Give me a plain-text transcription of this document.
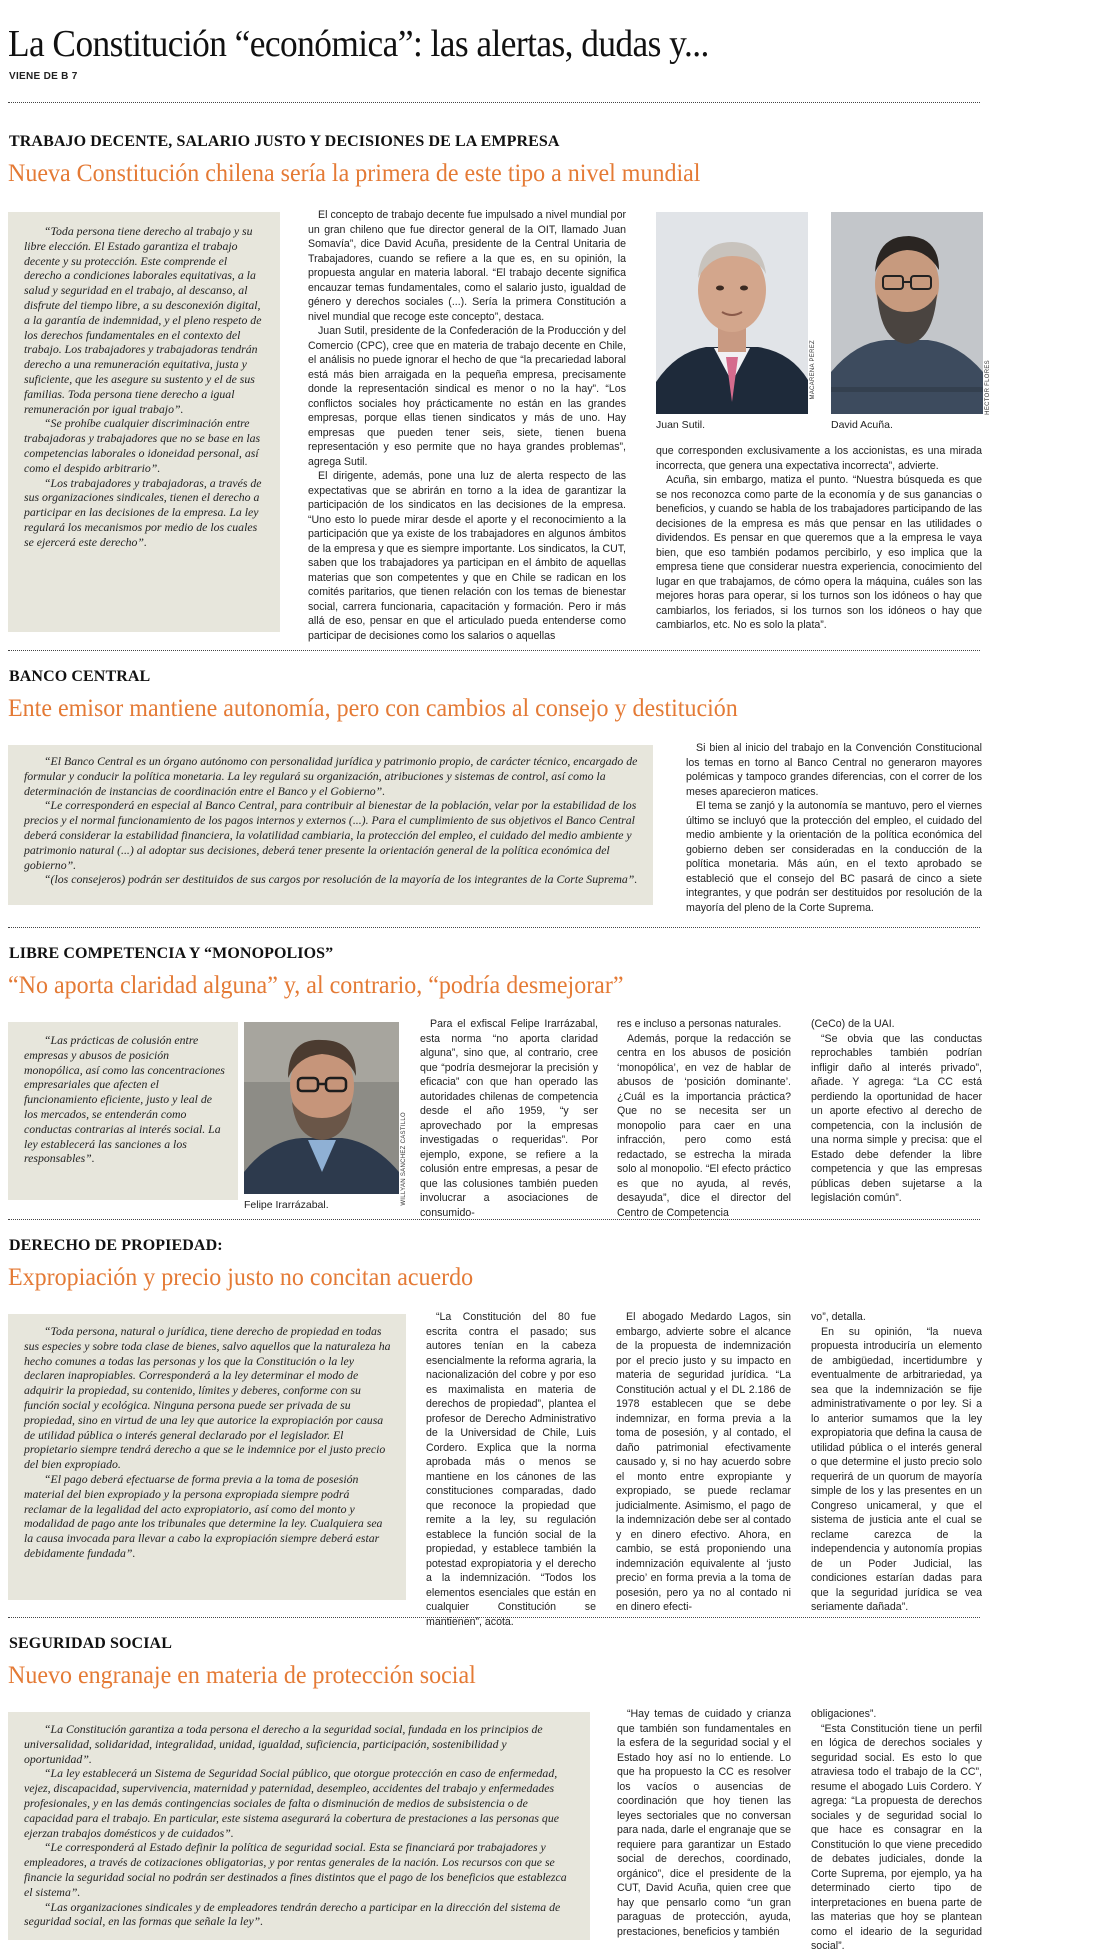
La Constitución “económica”: las alertas, dudas y...
VIENE DE B 7
TRABAJO DECENTE, SALARIO JUSTO Y DECISIONES DE LA EMPRESA
Nueva Constitución chilena sería la primera de este tipo a nivel mundial

“Toda persona tiene derecho al trabajo y su libre elección. El Estado garantiza el trabajo decente y su protección. Este comprende el derecho a condiciones laborales equitativas, a la salud y seguridad en el trabajo, al descanso, al disfrute del tiempo libre, a su desconexión digital, a la garantía de indemnidad, y el pleno respeto de los derechos fundamentales en el contexto del trabajo. Los trabajadores y trabajadoras tendrán derecho a una remuneración equitativa, justa y suficiente, que les asegure su sustento y el de sus familias. Toda persona tiene derecho a igual remuneración por igual trabajo”.

“Se prohíbe cualquier discriminación entre trabajadoras y trabajadores que no se base en las competencias laborales o idoneidad personal, así como el despido arbitrario”.

“Los trabajadores y trabajadoras, a través de sus organizaciones sindicales, tienen el derecho a participar en las decisiones de la empresa. La ley regulará los mecanismos por medio de los cuales se ejercerá este derecho”.

El concepto de trabajo decente fue impulsado a nivel mundial por un gran chileno que fue director general de la OIT, llamado Juan Somavía”, dice David Acuña, presidente de la Central Unitaria de Trabajadores, cuando se refiere a la que es, en su opinión, la propuesta angular en materia laboral. “El trabajo decente significa encauzar temas fundamentales, como el salario justo, igualdad de género y derechos sociales (...). Sería la primera Constitución a nivel mundial que recoge este concepto”, destaca.

Juan Sutil, presidente de la Confederación de la Producción y del Comercio (CPC), cree que en materia de trabajo decente en Chile, el análisis no puede ignorar el hecho de que “la precariedad laboral está más bien arraigada en la pequeña empresa, precisamente donde la representación sindical es menor o no la hay”. “Los conflictos sociales hoy prácticamente no están en las grandes empresas, porque ellas tienen sindicatos y más de uno. Hay empresas que pueden tener seis, siete, tienen buena representación y eso permite que no haya grandes problemas”, agrega Sutil.

El dirigente, además, pone una luz de alerta respecto de las expectativas que se abrirán en torno a la idea de garantizar la participación de los sindicatos en las decisiones de la empresa. “Uno esto lo puede mirar desde el aporte y el reconocimiento a la participación que ya existe de los trabajadores en algunos ámbitos de la empresa y que es siempre importante. Los sindicatos, la CUT, saben que los trabajadores ya participan en el ámbito de aquellas materias que son competentes y que en Chile se radican en los comités paritarios, que tienen relación con los temas de bienestar social, carrera funcionaria, capacitación y formación. Pero ir más allá de eso, pensar en que el articulado pueda entenderse como participar de decisiones como los salarios o aquellas

MACARENA PÉREZ
Juan Sutil.
HÉCTOR FLORES
David Acuña.

que corresponden exclusivamente a los accionistas, es una mirada incorrecta, que genera una expectativa incorrecta”, advierte.

Acuña, sin embargo, matiza el punto. “Nuestra búsqueda es que se nos reconozca como parte de la economía y de sus ganancias o beneficios, y cuando se habla de los trabajadores participando de las decisiones de la empresa es más que pensar en las utilidades o dividendos. Es pensar en que queremos que a la empresa le vaya bien, que eso también podamos percibirlo, y eso implica que la empresa tiene que considerar nuestra experiencia, conocimiento del lugar en que trabajamos, de cómo opera la máquina, cuáles son las mejores horas para operar, si los turnos son los idóneos o hay que cambiarlos, los feriados, si los turnos son los idóneos o hay que cambiarlos, etc. No es solo la plata”.

BANCO CENTRAL
Ente emisor mantiene autonomía, pero con cambios al consejo y destitución

“El Banco Central es un órgano autónomo con personalidad jurídica y patrimonio propio, de carácter técnico, encargado de formular y conducir la política monetaria. La ley regulará su organización, atribuciones y sistemas de control, así como la determinación de instancias de coordinación entre el Banco y el Gobierno”.

“Le corresponderá en especial al Banco Central, para contribuir al bienestar de la población, velar por la estabilidad de los precios y el normal funcionamiento de los pagos internos y externos (...). Para el cumplimiento de sus objetivos el Banco Central deberá considerar la estabilidad financiera, la volatilidad cambiaria, la protección del empleo, el cuidado del medio ambiente y patrimonio natural (...) al adoptar sus decisiones, deberá tener presente la orientación general de la política económica del gobierno”.

“(los consejeros) podrán ser destituidos de sus cargos por resolución de la mayoría de los integrantes de la Corte Suprema”.

Si bien al inicio del trabajo en la Convención Constitucional los temas en torno al Banco Central no generaron mayores polémicas y tampoco grandes diferencias, con el correr de los meses aparecieron matices.

El tema se zanjó y la autonomía se mantuvo, pero el viernes último se incluyó que la protección del empleo, el cuidado del medio ambiente y la orientación de la política económica del gobierno deben ser consideradas en la conducción de la política monetaria. Más aún, en el texto aprobado se estableció que el consejo del BC pasará de cinco a siete integrantes, y que podrán ser destituidos por resolución de la mayoría del pleno de la Corte Suprema.

LIBRE COMPETENCIA Y “MONOPOLIOS”
“No aporta claridad alguna” y, al contrario, “podría desmejorar”

“Las prácticas de colusión entre empresas y abusos de posición monopólica, así como las concentraciones empresariales que afecten el funcionamiento eficiente, justo y leal de los mercados, se entenderán como conductas contrarias al interés social. La ley establecerá las sanciones a los responsables”.	WILLYAN SÁNCHEZ CASTILLO
Felipe Irarrázabal.

Para el exfiscal Felipe Irarrázabal, esta norma “no aporta claridad alguna”, sino que, al contrario, cree que “podría desmejorar la precisión y eficacia” con que han operado las autoridades chilenas de competencia desde el año 1959, “y ser aprovechado por la empresas investigadas o requeridas”. Por ejemplo, expone, se refiere a la colusión entre empresas, a pesar de que las colusiones también pueden involucrar a asociaciones de consumido-

res e incluso a personas naturales.

Además, porque la redacción se centra en los abusos de posición ‘monopólica’, en vez de hablar de abusos de ‘posición dominante’. ¿Cuál es la importancia práctica? Que no se necesita ser un monopolio para caer en una infracción, pero como está redactado, se estrecha la mirada solo al monopolio. “El efecto práctico es que no ayuda, al revés, desayuda”, dice el director del Centro de Competencia

(CeCo) de la UAI.

“Se obvia que las conductas reprochables también podrían infligir daño al interés privado”, añade. Y agrega: “La CC está perdiendo la oportunidad de hacer un aporte efectivo al derecho de competencia, con la inclusión de una norma simple y precisa: que el Estado debe defender la libre competencia y que las empresas públicas deben sujetarse a la legislación común”.

DERECHO DE PROPIEDAD:
Expropiación y precio justo no concitan acuerdo

“Toda persona, natural o jurídica, tiene derecho de propiedad en todas sus especies y sobre toda clase de bienes, salvo aquellos que la naturaleza ha hecho comunes a todas las personas y los que la Constitución o la ley declaren inapropiables. Corresponderá a la ley determinar el modo de adquirir la propiedad, su contenido, límites y deberes, conforme con su función social y ecológica. Ninguna persona puede ser privada de su propiedad, sino en virtud de una ley que autorice la expropiación por causa de utilidad pública o interés general declarado por el legislador. El propietario siempre tendrá derecho a que se le indemnice por el justo precio del bien expropiado.

“El pago deberá efectuarse de forma previa a la toma de posesión material del bien expropiado y la persona expropiada siempre podrá reclamar de la legalidad del acto expropiatorio, así como del monto y modalidad de pago ante los tribunales que determine la ley. Cualquiera sea la causa invocada para llevar a cabo la expropiación siempre deberá estar debidamente fundada”.

“La Constitución del 80 fue escrita contra el pasado; sus autores tenían en la cabeza esencialmente la reforma agraria, la nacionalización del cobre y por eso es maximalista en materia de derechos de propiedad”, plantea el profesor de Derecho Administrativo de la Universidad de Chile, Luis Cordero. Explica que la norma aprobada más o menos se mantiene en los cánones de las constituciones comparadas, dado que reconoce la propiedad que remite a la ley, su regulación establece la función social de la propiedad, y establece también la potestad expropiatoria y el derecho a la indemnización. “Todos los elementos esenciales que están en cualquier Constitución se mantienen”, acota.

El abogado Medardo Lagos, sin embargo, advierte sobre el alcance de la propuesta de indemnización por el precio justo y su impacto en materia de seguridad jurídica. “La Constitución actual y el DL 2.186 de 1978 establecen que se debe indemnizar, en forma previa a la toma de posesión, y al contado, el daño patrimonial efectivamente causado y, si no hay acuerdo sobre el monto entre expropiante y expropiado, se puede reclamar judicialmente. Asimismo, el pago de la indemnización debe ser al contado y en dinero efectivo. Ahora, en cambio, se está proponiendo una indemnización equivalente al ‘justo precio’ en forma previa a la toma de posesión, pero ya no al contado ni en dinero efecti-

vo”, detalla.

En su opinión, “la nueva propuesta introduciría un elemento de ambigüedad, incertidumbre y eventualmente de arbitrariedad, ya sea que la indemnización se fije administrativamente o por ley. Si a lo anterior sumamos que la ley expropiatoria que defina la causa de utilidad pública o el interés general o que determine el justo precio solo requerirá de un quorum de mayoría simple de los y las presentes en un Congreso unicameral, y que el sistema de justicia ante el cual se reclame carezca de la independencia y autonomía propias de un Poder Judicial, las condiciones estarían dadas para que la seguridad jurídica se vea seriamente dañada”.

SEGURIDAD SOCIAL
Nuevo engranaje en materia de protección social

“La Constitución garantiza a toda persona el derecho a la seguridad social, fundada en los principios de universalidad, solidaridad, integralidad, unidad, igualdad, suficiencia, participación, sostenibilidad y oportunidad”.

“La ley establecerá un Sistema de Seguridad Social público, que otorgue protección en caso de enfermedad, vejez, discapacidad, supervivencia, maternidad y paternidad, desempleo, accidentes del trabajo y enfermedades profesionales, y en las demás contingencias sociales de falta o disminución de medios de subsistencia o de capacidad para el trabajo. En particular, este sistema asegurará la cobertura de prestaciones a las personas que ejerzan trabajos domésticos y de cuidados”.

“Le corresponderá al Estado definir la política de seguridad social. Esta se financiará por trabajadores y empleadores, a través de cotizaciones obligatorias, y por rentas generales de la nación. Los recursos con que se financie la seguridad social no podrán ser destinados a fines distintos que el pago de los beneficios que establezca el sistema”.

“Las organizaciones sindicales y de empleadores tendrán derecho a participar en la dirección del sistema de seguridad social, en las formas que señale la ley”.

“Hay temas de cuidado y crianza que también son fundamentales en la esfera de la seguridad social y el Estado hoy así no lo entiende. Lo que ha propuesto la CC es resolver los vacíos o ausencias de coordinación que hoy tienen las leyes sectoriales que no conversan para nada, darle el engranaje que se requiere para garantizar un Estado social de derechos, coordinado, orgánico”, dice el presidente de la CUT, David Acuña, quien cree que hay que pensarlo como “un gran paraguas de protección, ayuda, prestaciones, beneficios y también

obligaciones”.

“Esta Constitución tiene un perfil en lógica de derechos sociales y seguridad social. Es esto lo que atraviesa todo el trabajo de la CC”, resume el abogado Luis Cordero. Y agrega: “La propuesta de derechos sociales y de seguridad social lo que hace es consagrar en la Constitución lo que viene precedido de debates judiciales, donde la Corte Suprema, por ejemplo, ya ha determinado cierto tipo de interpretaciones en buena parte de las materias que hoy se plantean como el ideario de la seguridad social”.
